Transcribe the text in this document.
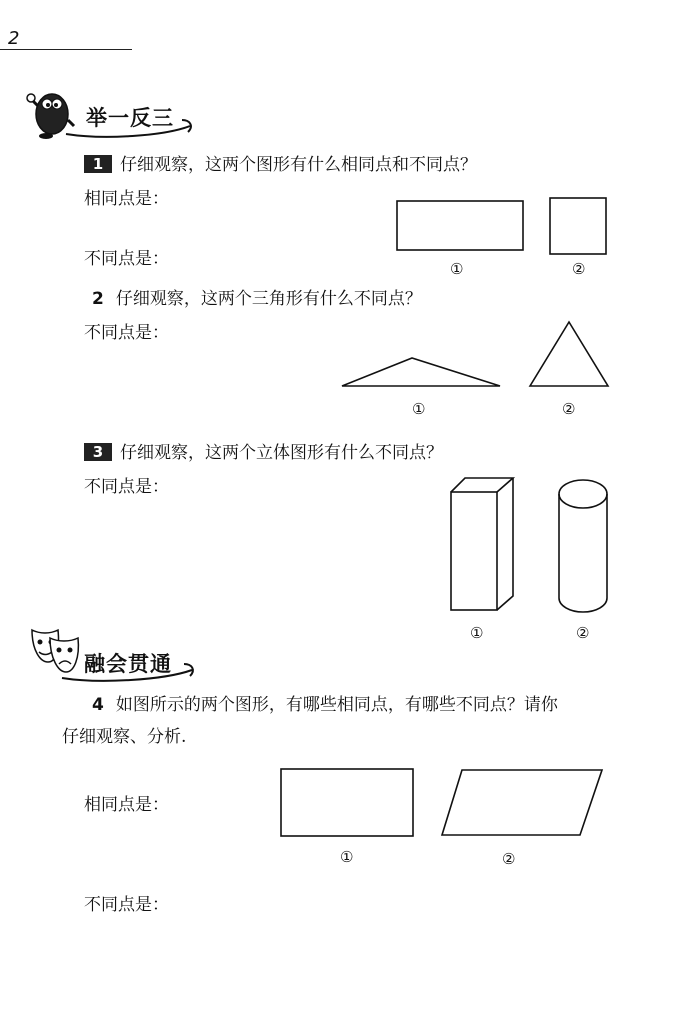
2
举一反三
1 仔细观察，这两个图形有什么相同点和不同点？
相同点是：
不同点是：	①	②
2 仔细观察，这两个三角形有什么不同点？
不同点是：
①	②
3 仔细观察，这两个立体图形有什么不同点？
不同点是：
①	②
融会贯通
4 如图所示的两个图形，有哪些相同点，有哪些不同点？请你
仔细观察、分析.
相同点是：
①	②
不同点是：
